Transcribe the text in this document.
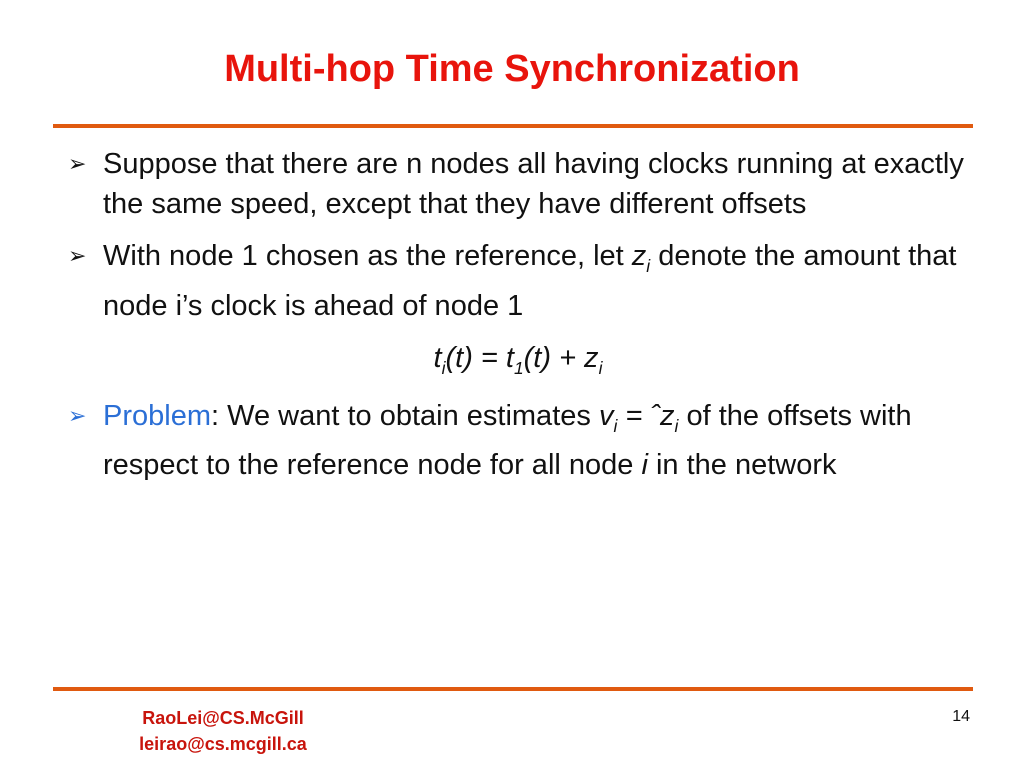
Multi-hop Time Synchronization
➢ Suppose that there are n nodes all having clocks running at exactly the same speed, except that they have different offsets
➢ With node 1 chosen as the reference, let $z_i$ denote the amount that node i’s clock is ahead of node 1
$t_i(t) = t_1(t) + z_i$
➢ Problem: We want to obtain estimates $v_i$ = ˆz$_i$ of the offsets with respect to the reference node for all node i in the network
RaoLei@CS.McGill
leirao@cs.mcgill.ca
14
